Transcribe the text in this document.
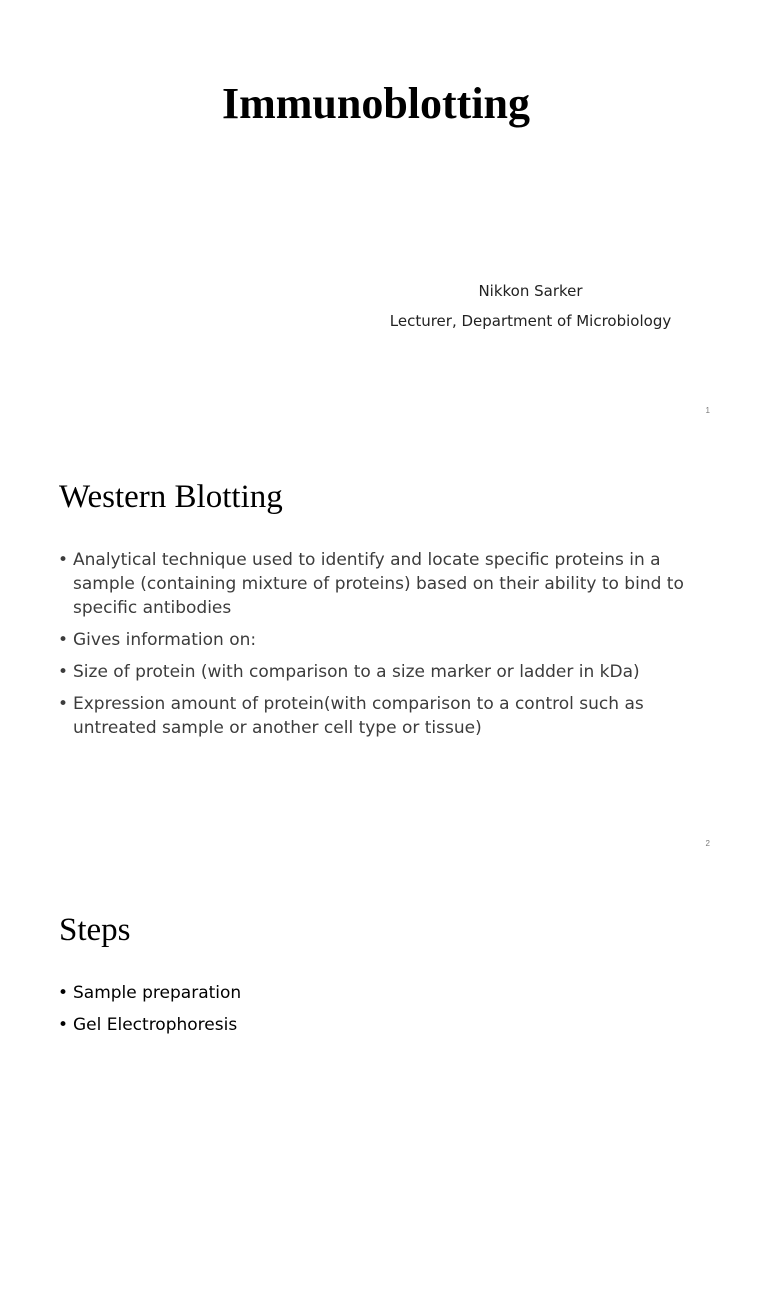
Immunoblotting
Nikkon Sarker
Lecturer, Department of Microbiology
1
Western Blotting
• Analytical technique used to identify and locate specific proteins in a sample (containing mixture of proteins) based on their ability to bind to specific antibodies
• Gives information on:
• Size of protein (with comparison to a size marker or ladder in kDa)
• Expression amount of protein(with comparison to a control such as untreated sample or another cell type or tissue)
2
Steps
• Sample preparation
• Gel Electrophoresis
